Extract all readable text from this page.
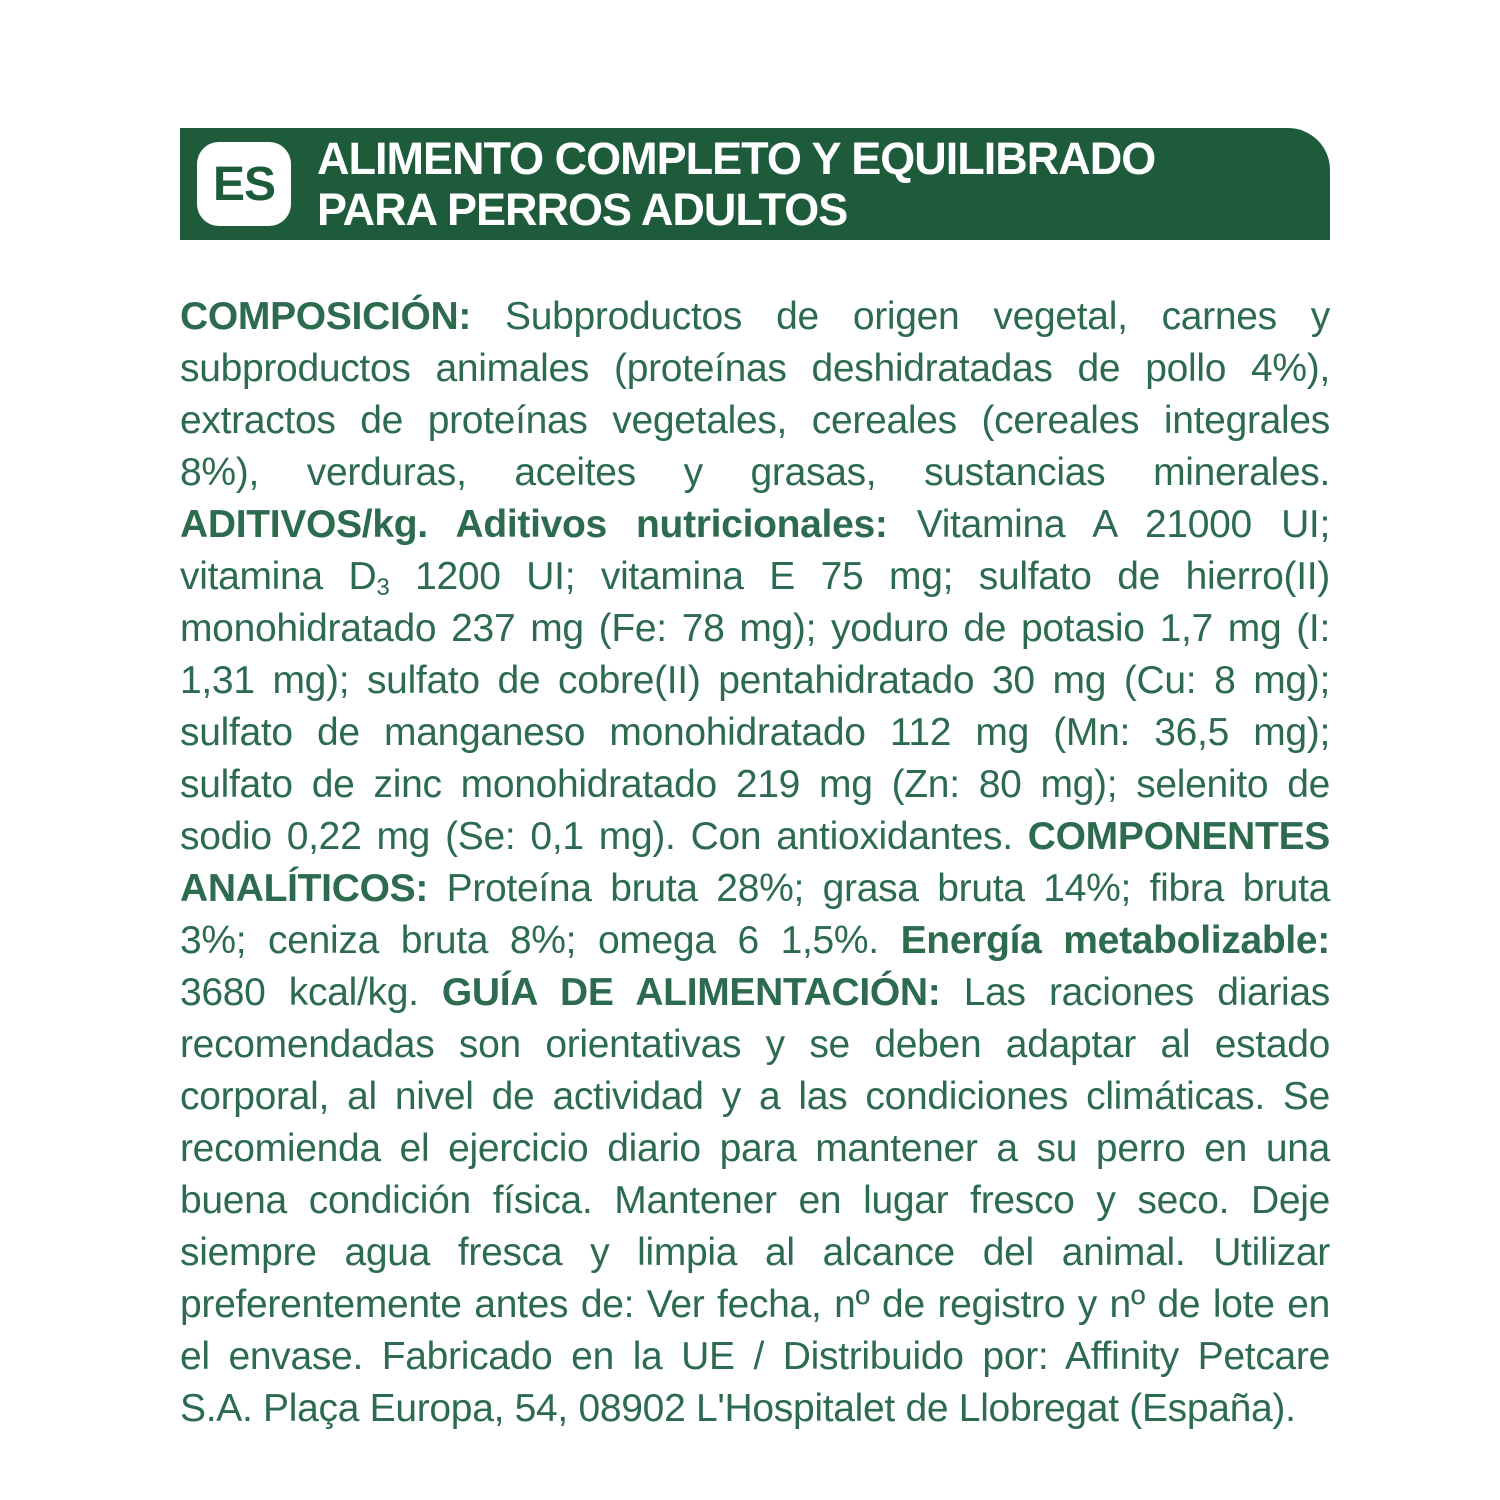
ES ALIMENTO COMPLETO Y EQUILIBRADO
PARA PERROS ADULTOS

COMPOSICIÓN: Subproductos de origen vegetal, carnes y subproductos animales (proteínas deshidratadas de pollo 4%), extractos de proteínas vegetales, cereales (cereales integrales 8%), verduras, aceites y grasas, sustancias minerales. ADITIVOS/kg. Aditivos nutricionales: Vitamina A 21000 UI; vitamina $D_3$ 1200 UI; vitamina E 75 mg; sulfato de hierro(II) monohidratado 237 mg (Fe: 78 mg); yoduro de potasio 1,7 mg (I: 1,31 mg); sulfato de cobre(II) pentahidratado 30 mg (Cu: 8 mg); sulfato de manganeso monohidratado 112 mg (Mn: 36,5 mg); sulfato de zinc monohidratado 219 mg (Zn: 80 mg); selenito de sodio 0,22 mg (Se: 0,1 mg). Con antioxidantes. COMPONENTES ANALÍTICOS: Proteína bruta 28%; grasa bruta 14%; fibra bruta 3%; ceniza bruta 8%; omega 6 1,5%. Energía metabolizable: 3680 kcal/kg. GUÍA DE ALIMENTACIÓN: Las raciones diarias recomendadas son orientativas y se deben adaptar al estado corporal, al nivel de actividad y a las condiciones climáticas. Se recomienda el ejercicio diario para mantener a su perro en una buena condición física. Mantener en lugar fresco y seco. Deje siempre agua fresca y limpia al alcance del animal. Utilizar preferentemente antes de: Ver fecha, nº de registro y nº de lote en el envase. Fabricado en la UE / Distribuido por: Affinity Petcare S.A. Plaça Europa, 54, 08902 L'Hospitalet de Llobregat (España).
